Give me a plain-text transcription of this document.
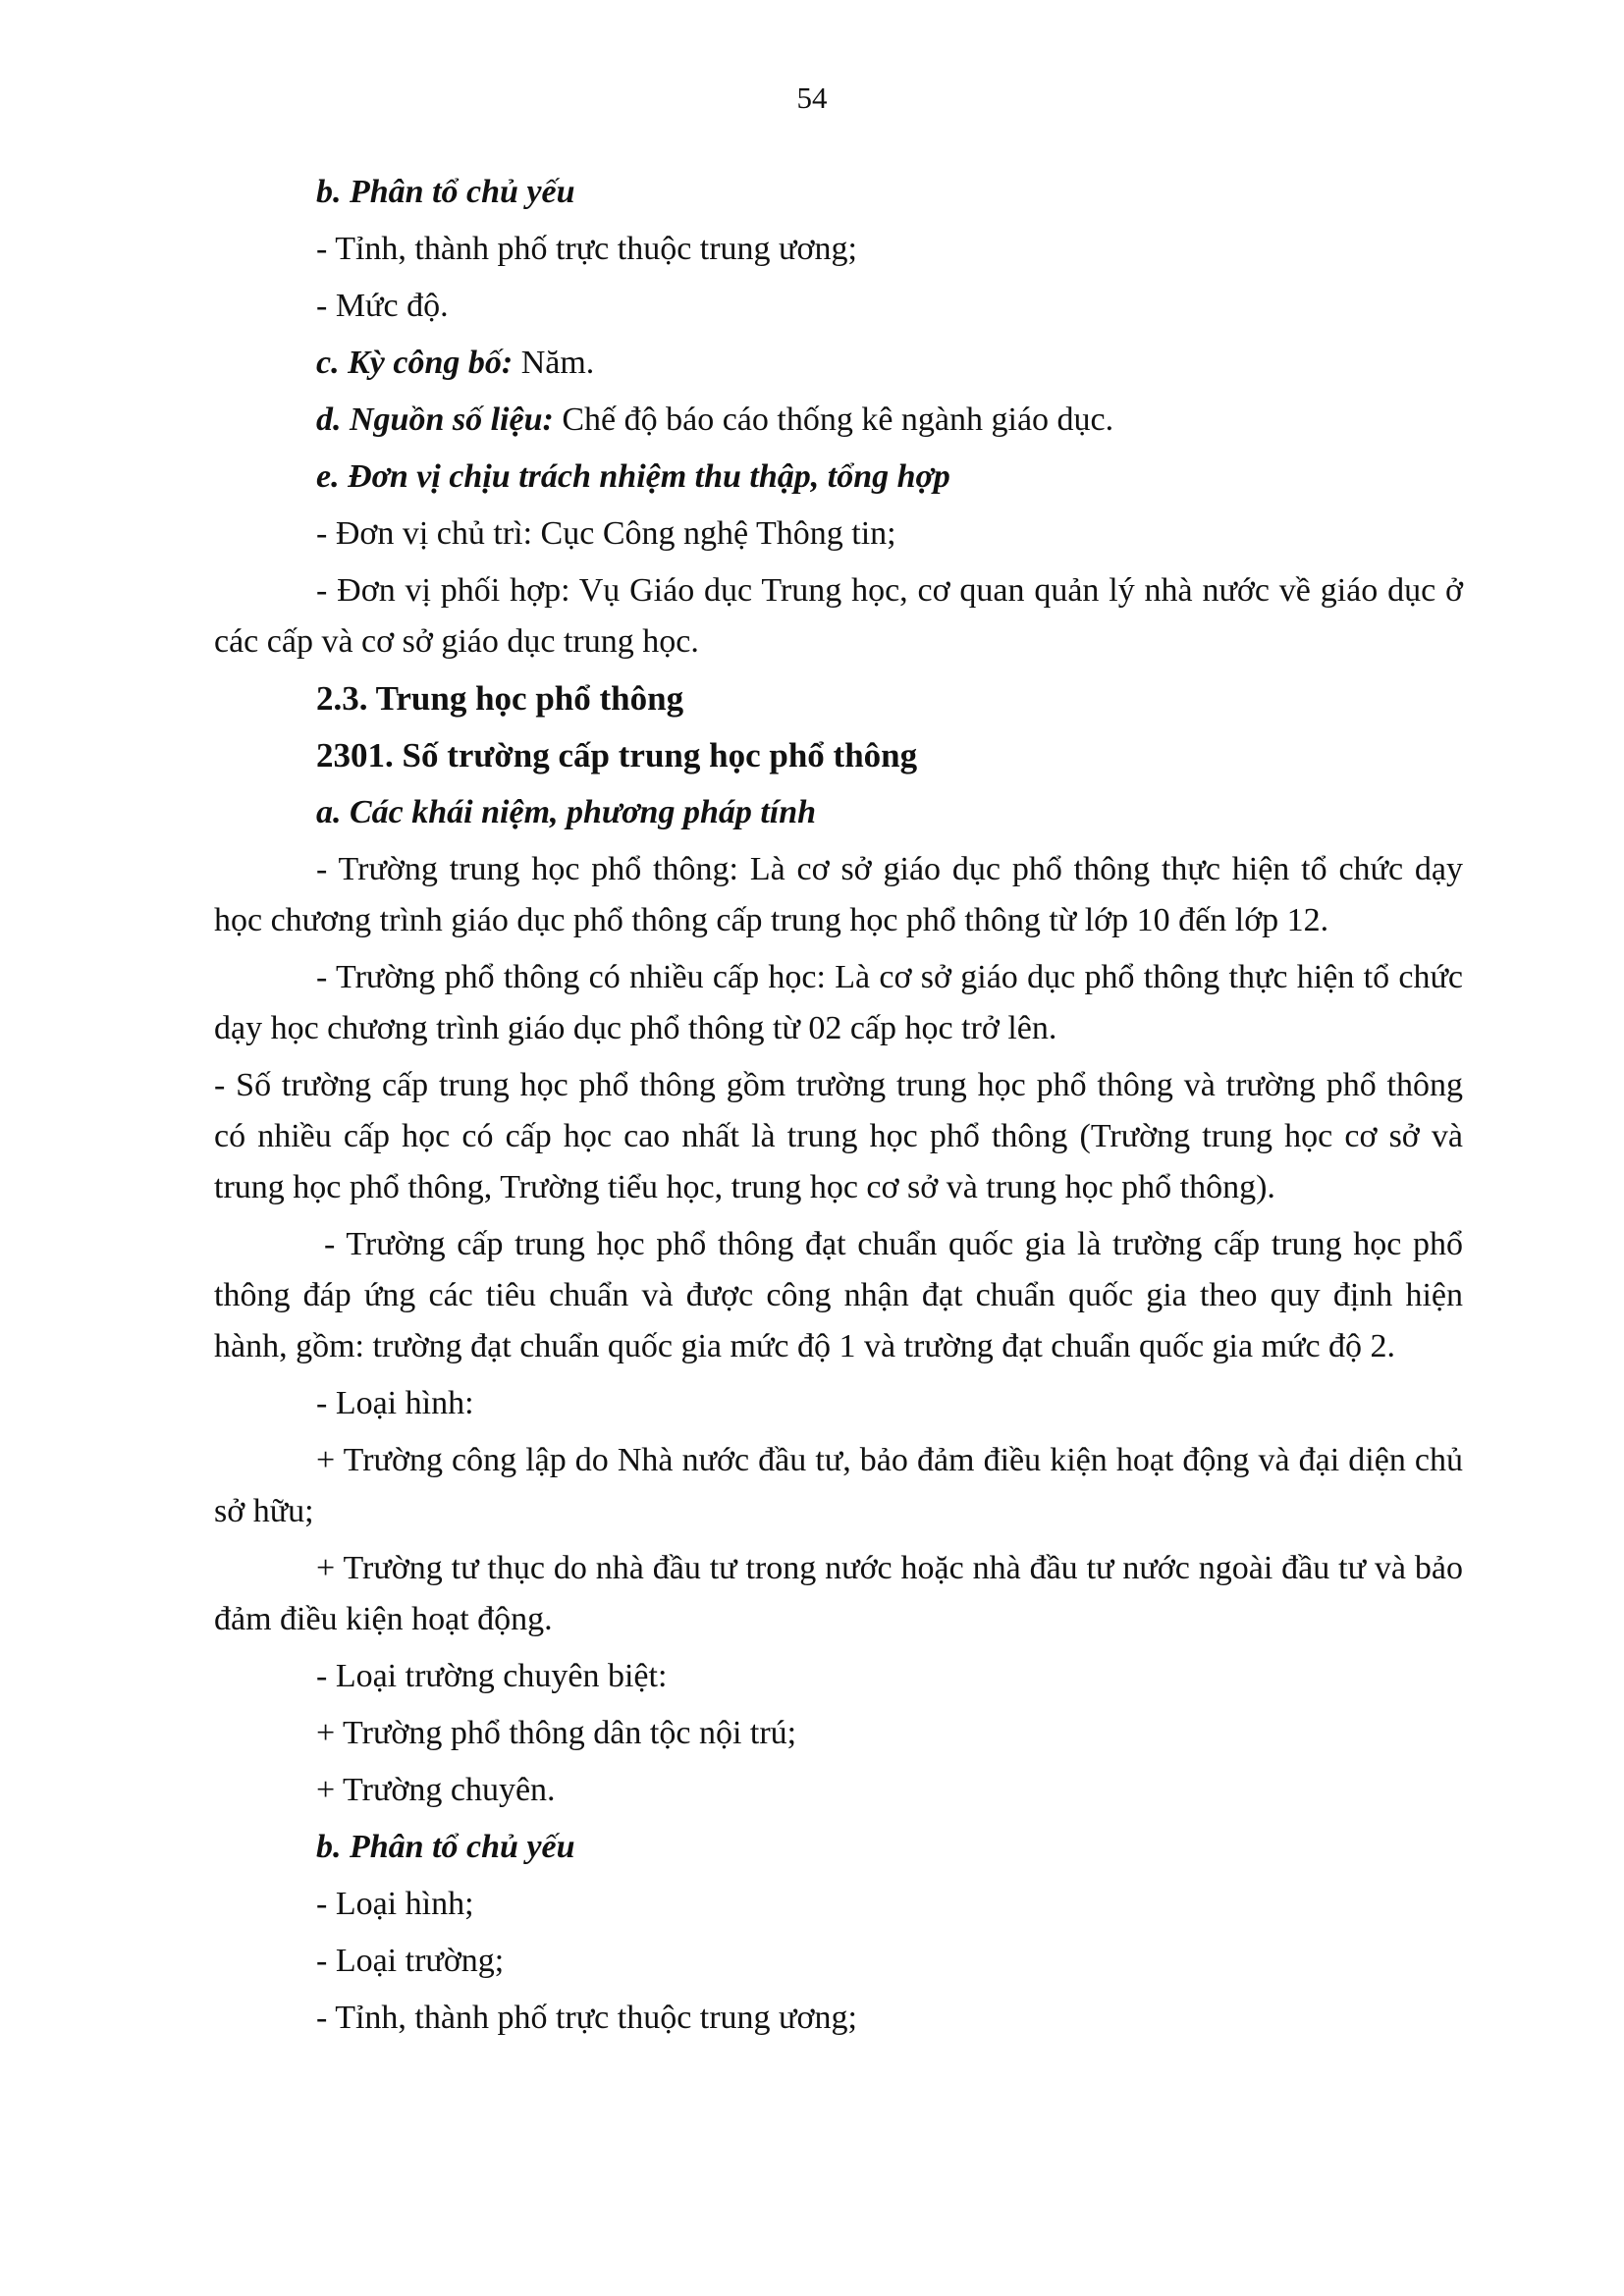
54
b. Phân tổ chủ yếu
- Tỉnh, thành phố trực thuộc trung ương;
- Mức độ.
c. Kỳ công bố: Năm.
d. Nguồn số liệu: Chế độ báo cáo thống kê ngành giáo dục.
e. Đơn vị chịu trách nhiệm thu thập, tổng hợp
- Đơn vị chủ trì: Cục Công nghệ Thông tin;

- Đơn vị phối hợp: Vụ Giáo dục Trung học, cơ quan quản lý nhà nước về giáo dục ở các cấp và cơ sở giáo dục trung học.

2.3. Trung học phổ thông
2301. Số trường cấp trung học phổ thông
a. Các khái niệm, phương pháp tính

- Trường trung học phổ thông: Là cơ sở giáo dục phổ thông thực hiện tổ chức dạy học chương trình giáo dục phổ thông cấp trung học phổ thông từ lớp 10 đến lớp 12.

- Trường phổ thông có nhiều cấp học: Là cơ sở giáo dục phổ thông thực hiện tổ chức dạy học chương trình giáo dục phổ thông từ 02 cấp học trở lên.

- Số trường cấp trung học phổ thông gồm trường trung học phổ thông và trường phổ thông có nhiều cấp học có cấp học cao nhất là trung học phổ thông (Trường trung học cơ sở và trung học phổ thông, Trường tiểu học, trung học cơ sở và trung học phổ thông).

- Trường cấp trung học phổ thông đạt chuẩn quốc gia là trường cấp trung học phổ thông đáp ứng các tiêu chuẩn và được công nhận đạt chuẩn quốc gia theo quy định hiện hành, gồm: trường đạt chuẩn quốc gia mức độ 1 và trường đạt chuẩn quốc gia mức độ 2.

- Loại hình:

+ Trường công lập do Nhà nước đầu tư, bảo đảm điều kiện hoạt động và đại diện chủ sở hữu;

+ Trường tư thục do nhà đầu tư trong nước hoặc nhà đầu tư nước ngoài đầu tư và bảo đảm điều kiện hoạt động.

- Loại trường chuyên biệt:
+ Trường phổ thông dân tộc nội trú;
+ Trường chuyên.
b. Phân tổ chủ yếu
- Loại hình;
- Loại trường;
- Tỉnh, thành phố trực thuộc trung ương;
